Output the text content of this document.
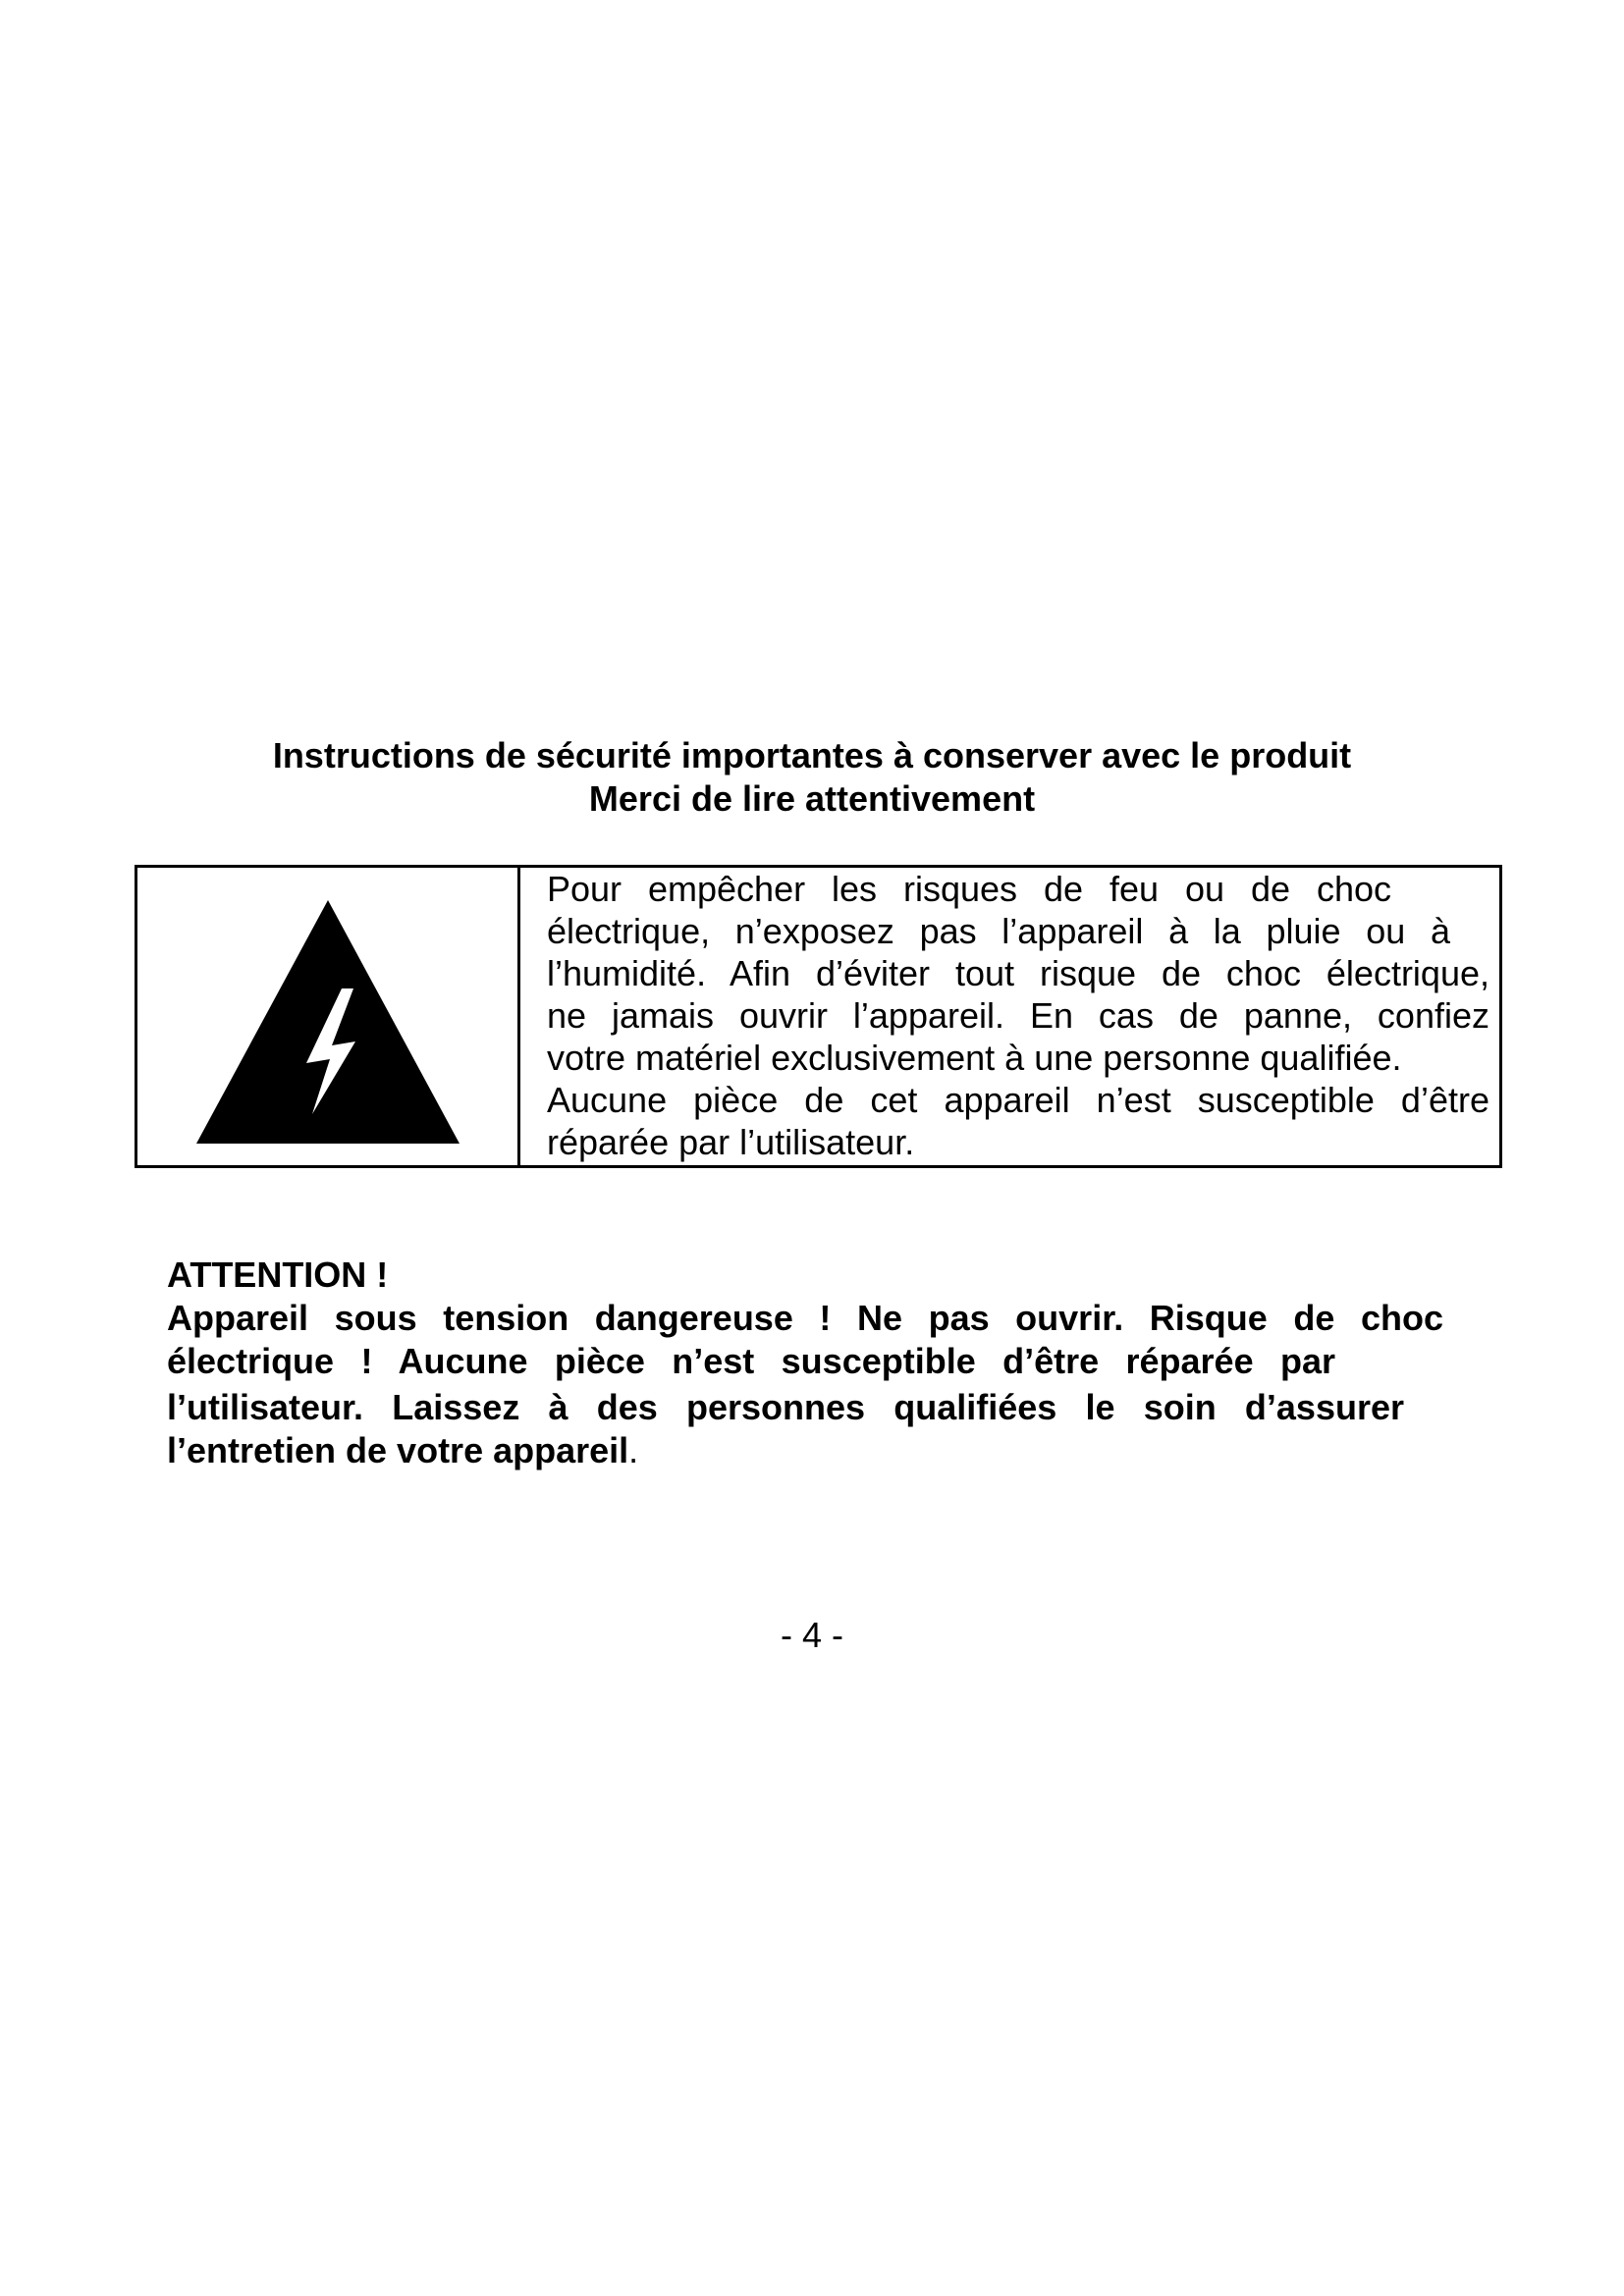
Instructions de sécurité importantes à conserver avec le produit
Merci de lire attentivement
Pour empêcher les risques de feu ou de choc
électrique, n’exposez pas l’appareil à la pluie ou à
l’humidité. Afin d’éviter tout risque de choc électrique,
ne jamais ouvrir l’appareil. En cas de panne, confiez
votre matériel exclusivement à une personne qualifiée.
Aucune pièce de cet appareil n’est susceptible d’être
réparée par l’utilisateur.
ATTENTION !
Appareil sous tension dangereuse ! Ne pas ouvrir. Risque de choc
électrique ! Aucune pièce n’est susceptible d’être réparée par
l’utilisateur. Laissez à des personnes qualifiées le soin d’assurer
l’entretien de votre appareil.
- 4 -
